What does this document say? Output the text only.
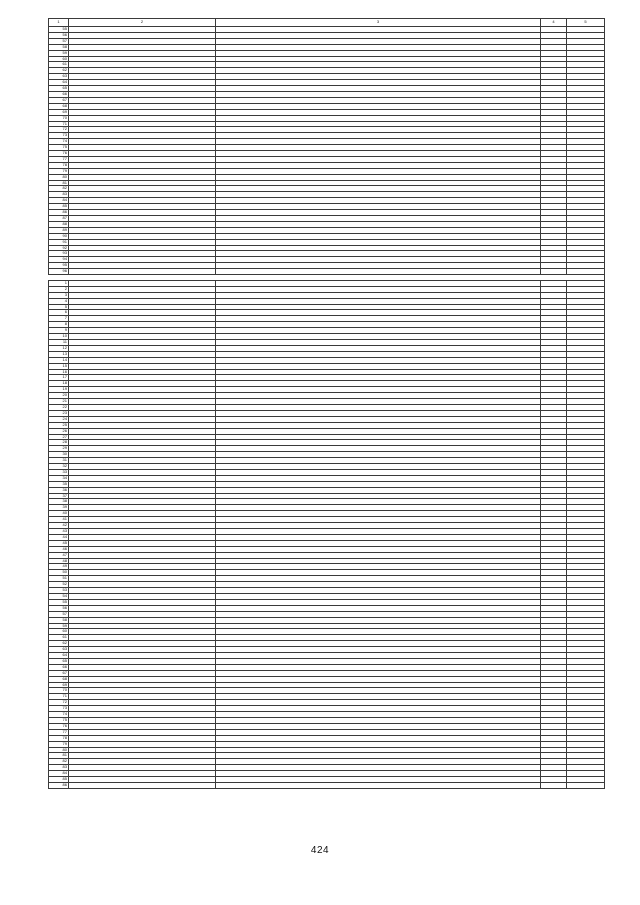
1	2	3	4	5
55				
56				
57				
58				
59				
60				
61				
62				
63				
64				
65				
66				
67				
68				
69				
70				
71				
72				
73				
74				
75				
76				
77				
78				
79				
80				
81				
82				
83				
84				
85				
86				
87				
88				
89				
90				
91				
92				
93				
94				
95				
96				

1				
2				
3				
4				
5				
6				
7				
8				
9				
10				
11				
12				
13				
14				
15				
16				
17				
18				
19				
20				
21				
22				
23				
24				
25				
26				
27				
28				
29				
30				
31				
32				
33				
34				
35				
36				
37				
38				
39				
40				
41				
42				
43				
44				
45				
46				
47				
48				
49				
50				
51				
52				
53				
54				
55				
56				
57				
58				
59				
60				
61				
62				
63				
64				
65				
66				
67				
68				
69				
70				
71				
72				
73				
74				
75				
76				
77				
78				
79				
80				
81				
82				
83				
84				
85				
86				
424
